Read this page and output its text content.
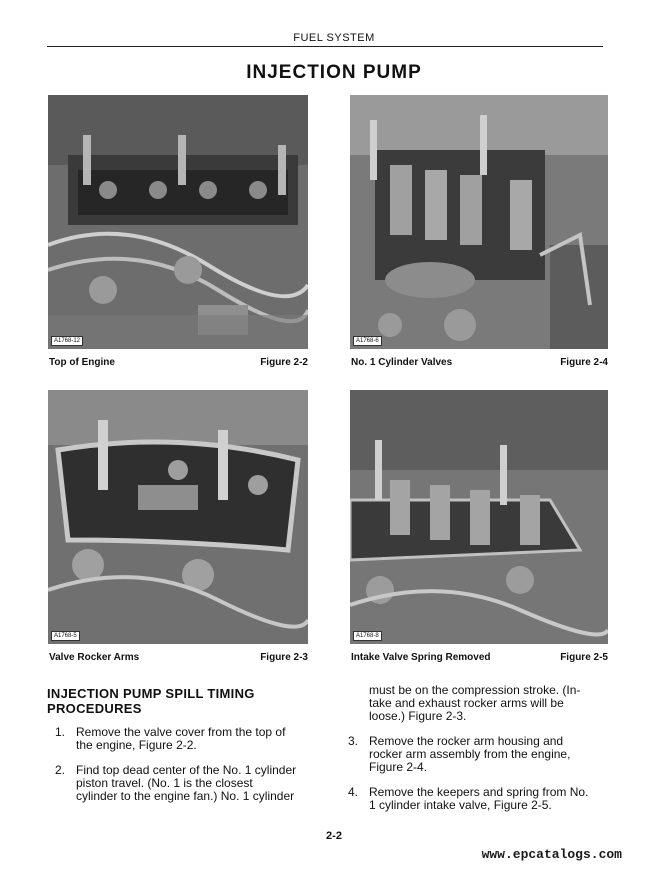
FUEL SYSTEM
INJECTION PUMP
A1768-12
Top of Engine	Figure 2-2
A1768-6
No. 1 Cylinder Valves	Figure 2-4
A1768-5
Valve Rocker Arms	Figure 2-3
A1768-8
Intake Valve Spring Removed	Figure 2-5
INJECTION PUMP SPILL TIMING
PROCEDURES
1. Remove the valve cover from the top of
the engine, Figure 2-2.
2. Find top dead center of the No. 1 cylinder
piston travel. (No. 1 is the closest
cylinder to the engine fan.) No. 1 cylinder
must be on the compression stroke. (In-
take and exhaust rocker arms will be
loose.) Figure 2-3.
3. Remove the rocker arm housing and
rocker arm assembly from the engine,
Figure 2-4.
4. Remove the keepers and spring from No.
1 cylinder intake valve, Figure 2-5.
2-2
www.epcatalogs.com
